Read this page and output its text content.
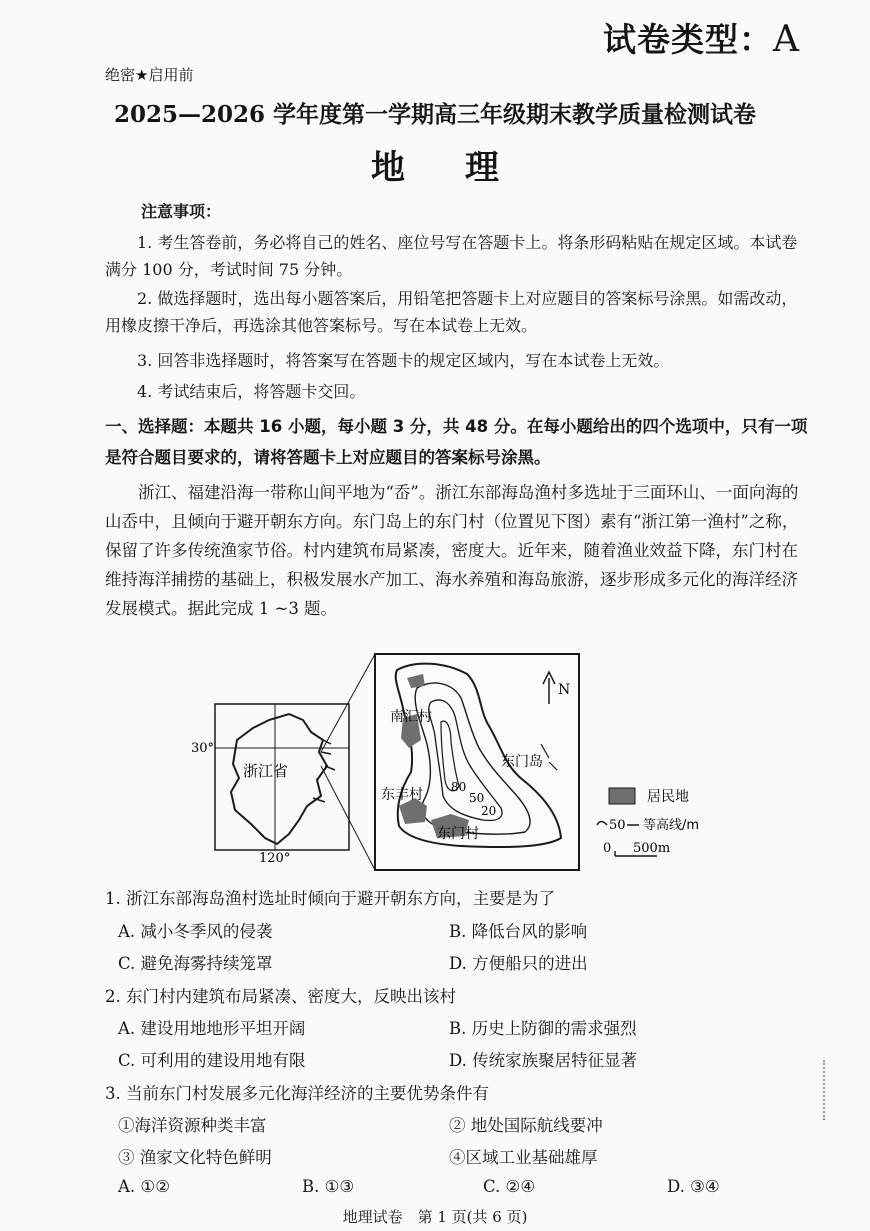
试卷类型：A
绝密★启用前
2025—2026 学年度第一学期高三年级期末教学质量检测试卷
地理
注意事项：
1. 考生答卷前，务必将自己的姓名、座位号写在答题卡上。将条形码粘贴在规定区域。本试卷满分 100 分，考试时间 75 分钟。
2. 做选择题时，选出每小题答案后，用铅笔把答题卡上对应题目的答案标号涂黑。如需改动，用橡皮擦干净后，再选涂其他答案标号。写在本试卷上无效。
3. 回答非选择题时，将答案写在答题卡的规定区域内，写在本试卷上无效。
4. 考试结束后，将答题卡交回。
一、选择题：本题共 16 小题，每小题 3 分，共 48 分。在每小题给出的四个选项中，只有一项是符合题目要求的，请将答题卡上对应题目的答案标号涂黑。
浙江、福建沿海一带称山间平地为“岙”。浙江东部海岛渔村多选址于三面环山、一面向海的山岙中，且倾向于避开朝东方向。东门岛上的东门村（位置见下图）素有“浙江第一渔村”之称，保留了许多传统渔家节俗。村内建筑布局紧凑，密度大。近年来，随着渔业效益下降，东门村在维持海洋捕捞的基础上，积极发展水产加工、海水养殖和海岛旅游，逐步形成多元化的海洋经济发展模式。据此完成 1 ~3 题。
30°
120°
浙江省
N
南汇村
东门岛
东丰村
东门村
80
50
20
居民地
50 等高线/m
0 500m
1. 浙江东部海岛渔村选址时倾向于避开朝东方向，主要是为了
A. 减小冬季风的侵袭	B. 降低台风的影响
C. 避免海雾持续笼罩	D. 方便船只的进出
2. 东门村内建筑布局紧凑、密度大，反映出该村
A. 建设用地地形平坦开阔	B. 历史上防御的需求强烈
C. 可利用的建设用地有限	D. 传统家族聚居特征显著
3. 当前东门村发展多元化海洋经济的主要优势条件有
①海洋资源种类丰富	② 地处国际航线要冲
③ 渔家文化特色鲜明	④区域工业基础雄厚
A. ①②	B. ①③	C. ②④	D. ③④
地理试卷　第 1 页(共 6 页)
